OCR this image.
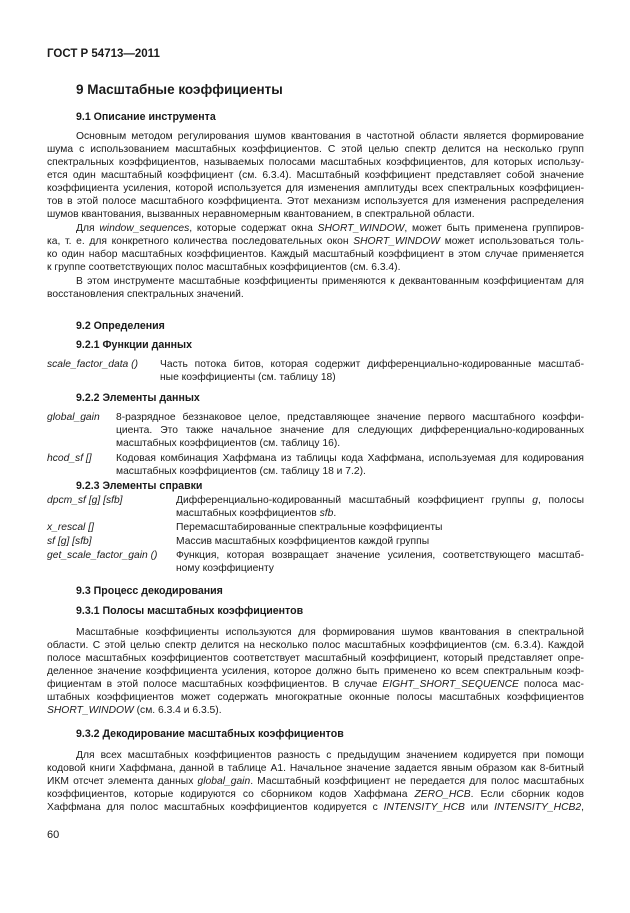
ГОСТ Р 54713—2011
9 Масштабные коэффициенты
9.1 Описание инструмента
Основным методом регулирования шумов квантования в частотной области является формирование
шума с использованием масштабных коэффициентов. С этой целью спектр делится на несколько групп
спектральных коэффициентов, называемых полосами масштабных коэффициентов, для которых использу-
ется один масштабный коэффициент (см. 6.3.4). Масштабный коэффициент представляет собой значение
коэффициента усиления, которой используется для изменения амплитуды всех спектральных коэффициен-
тов в этой полосе масштабного коэффициента. Этот механизм используется для изменения распределения
шумов квантования, вызванных неравномерным квантованием, в спектральной области.
Для window_sequences, которые содержат окна SHORT_WINDOW, может быть применена группиров-
ка, т. е. для конкретного количества последовательных окон SHORT_WINDOW может использоваться толь-
ко один набор масштабных коэффициентов. Каждый масштабный коэффициент в этом случае применяется
к группе соответствующих полос масштабных коэффициентов (см. 6.3.4).
В этом инструменте масштабные коэффициенты применяются к деквантованным коэффициентам для
восстановления спектральных значений.
9.2 Определения
9.2.1 Функции данных
scale_factor_data () Часть потока битов, которая содержит дифференциально-кодированные масштаб-
ные коэффициенты (см. таблицу 18)
9.2.2 Элементы данных
global_gain 8-разрядное беззнаковое целое, представляющее значение первого масштабного коэффи-
циента. Это также начальное значение для следующих дифференциально-кодированных
масштабных коэффициентов (см. таблицу 16).
hcod_sf [] Кодовая комбинация Хаффмана из таблицы кода Хаффмана, используемая для кодирования
масштабных коэффициентов (см. таблицу 18 и 7.2).
9.2.3 Элементы справки
dpcm_sf [g] [sfb]	Дифференциально-кодированный масштабный коэффициент группы g, полосы
масштабных коэффициентов sfb.
x_rescal []	Перемасштабированные спектральные коэффициенты
sf [g] [sfb]	Массив масштабных коэффициентов каждой группы
get_scale_factor_gain () Функция, которая возвращает значение усиления, соответствующего масштаб-
ному коэффициенту
9.3 Процесс декодирования
9.3.1 Полосы масштабных коэффициентов
Масштабные коэффициенты используются для формирования шумов квантования в спектральной
области. С этой целью спектр делится на несколько полос масштабных коэффициентов (см. 6.3.4). Каждой
полосе масштабных коэффициентов соответствует масштабный коэффициент, который представляет опре-
деленное значение коэффициента усиления, которое должно быть применено ко всем спектральным коэф-
фициентам в этой полосе масштабных коэффициентов. В случае EIGHT_SHORT_SEQUENCE полоса мас-
штабных коэффициентов может содержать многократные оконные полосы масштабных коэффициентов
SHORT_WINDOW (см. 6.3.4 и 6.3.5).
9.3.2 Декодирование масштабных коэффициентов
Для всех масштабных коэффициентов разность с предыдущим значением кодируется при помощи
кодовой книги Хаффмана, данной в таблице А1. Начальное значение задается явным образом как 8-битный
ИКМ отсчет элемента данных global_gain. Масштабный коэффициент не передается для полос масштабных
коэффициентов, которые кодируются со сборником кодов Хаффмана ZERO_HCB. Если сборник кодов
Хаффмана для полос масштабных коэффициентов кодируется с INTENSITY_HCB или INTENSITY_HCB2,
60
